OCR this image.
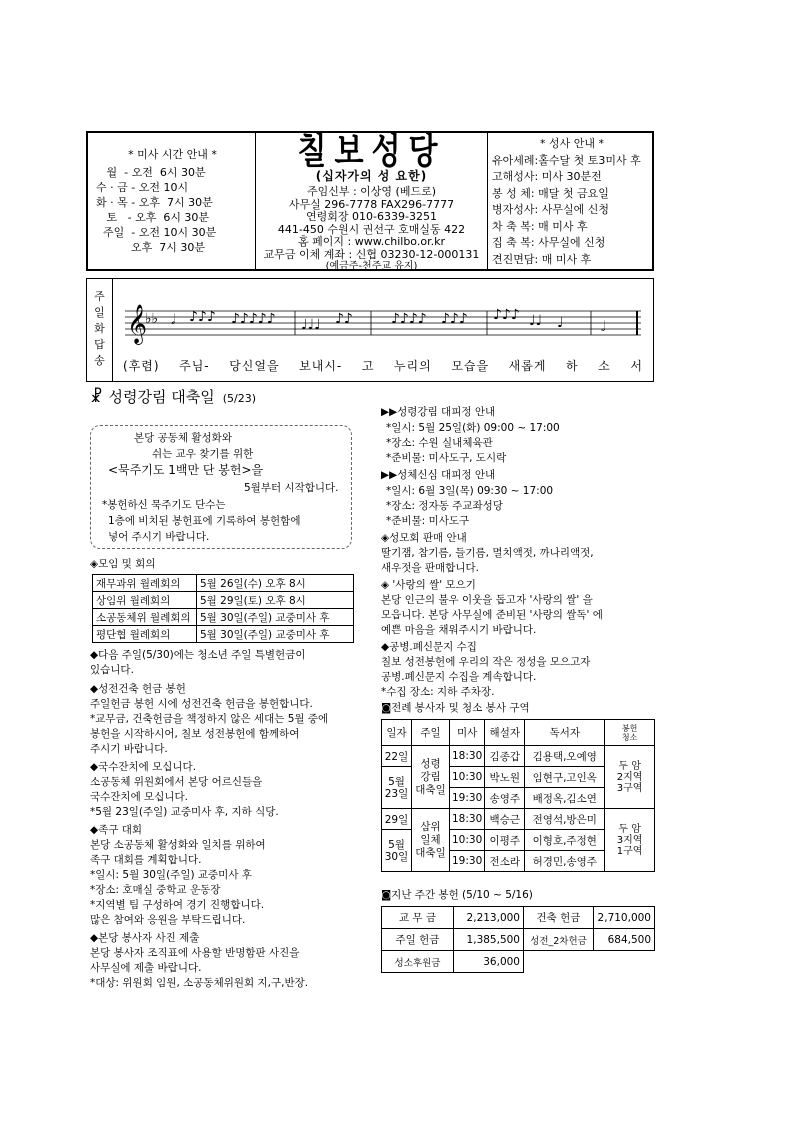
* 미사 시간 안내 *
월  - 오전  6시 30분
수 · 금 - 오전 10시
화 · 목 - 오후  7시 30분
토   - 오후  6시 30분
주일  - 오전 10시 30분
오후  7시 30분
칠보성당
(십자가의 성 요한)
주임신부 : 이상영 (베드로)
사무실 296-7778 FAX296-7777
연령회장 010-6339-3251
441-450 수원시 권선구 호매실동 422
홈 페이지 : www.chilbo.or.kr
교무금 이체 계좌 : 신협 03230-12-000131
(예금주-천주교 유지)
* 성사 안내 *
유아세례:홀수달 첫 토3미사 후
고해성사: 미사 30분전
봉 성 체: 매달 첫 금요일
병자성사: 사무실에 신청
차 축 복: 매 미사 후
집 축 복: 사무실에 신청
견진면담: 매 미사 후
주
일
화
답
송
𝄞
♭♭ 𝅗𝅥 ♪♪♪ ♪♪♪♪♪ ♩♩♩ ♪♪	♪♪♪♪ ♪♪♪ ♪♪♪ ♩♩ ♩	𝅗𝅥
(후렴) 주님- 당신얼을 보내시- 고 누리의 모습을 새롭게 하 소 서
☧ 성령강림 대축일 (5/23)
본당 공동체 활성화와
쉬는 교우 찾기를 위한
<묵주기도 1백만 단 봉헌>을
5월부터 시작합니다.
*봉헌하신 묵주기도 단수는
1층에 비치된 봉헌표에 기록하여 봉헌함에
넣어 주시기 바랍니다.
◈모임 및 회의
재무과위 월례회의	5월 26일(수) 오후 8시
상임위 월례회의	5월 29일(토) 오후 8시
소공동체위 월례회의	5월 30일(주일) 교중미사 후
평단협 월례회의	5월 30일(주일) 교중미사 후
◆다음 주일(5/30)에는 청소년 주일 특별헌금이
있습니다.
◆성전건축 헌금 봉헌
주일헌금 봉헌 시에 성전건축 헌금을 봉헌합니다.
*교무금, 건축헌금을 책정하지 않은 세대는 5월 중에
봉헌을 시작하시어, 칠보 성전봉헌에 함께하여
주시기 바랍니다.
◆국수잔치에 모십니다.
소공동체 위원회에서 본당 어르신들을
국수잔치에 모십니다.
*5월 23일(주일) 교중미사 후, 지하 식당.
◆족구 대회
본당 소공동체 활성화와 일치를 위하여
족구 대회를 계획합니다.
*일시: 5월 30일(주일) 교중미사 후
*장소: 호매실 중학교 운동장
*지역별 팀 구성하여 경기 진행합니다.
많은 참여와 응원을 부탁드립니다.
◆본당 봉사자 사진 제출
본당 봉사자 조직표에 사용할 반명함판 사진을
사무실에 제출 바랍니다.
*대상: 위원회 임원, 소공동체위원회 지,구,반장.
▶▶성령강림 대피정 안내
*일시: 5월 25일(화) 09:00 ~ 17:00
*장소: 수원 실내체육관
*준비물: 미사도구, 도시락
▶▶성체신심 대피정 안내
*일시: 6월 3일(목) 09:30 ~ 17:00
*장소: 정자동 주교좌성당
*준비물: 미사도구
◈성모회 판매 안내
딸기잼, 참기름, 들기름, 멸치액젓, 까나리액젓,
새우젓을 판매합니다.
◈ '사랑의 쌀' 모으기
본당 인근의 불우 이웃을 돕고자 '사랑의 쌀' 을
모읍니다. 본당 사무실에 준비된 '사랑의 쌀독' 에
예쁜 마음을 채워주시기 바랍니다.
◆공병.폐신문지 수집
칠보 성전봉헌에 우리의 작은 정성을 모으고자
공병.폐신문지 수집을 계속합니다.
*수집 장소: 지하 주차장.
◙전례 봉사자 및 청소 봉사 구역
일자	주일	미사	해설자	독서자	봉헌
청소
22일	성령
강림
대축일	18:30	김종갑	김용택,오예영	두 암
2지역
3구역
5월
23일		10:30	박노원	임현구,고인옥	
		19:30	송영주	배정옥,김소연	
29일	삼위
일체
대축일	18:30	백승근	전영석,방은미	두 암
3지역
1구역
5월
30일		10:30	이평주	이형호,주정현	
		19:30	전소라	허경민,송영주	
◙지난 주간 봉헌 (5/10 ~ 5/16)
교 무 금	2,213,000	건축 헌금	2,710,000
주일 헌금	1,385,500	성전_2차헌금	684,500
성소후원금	36,000		
